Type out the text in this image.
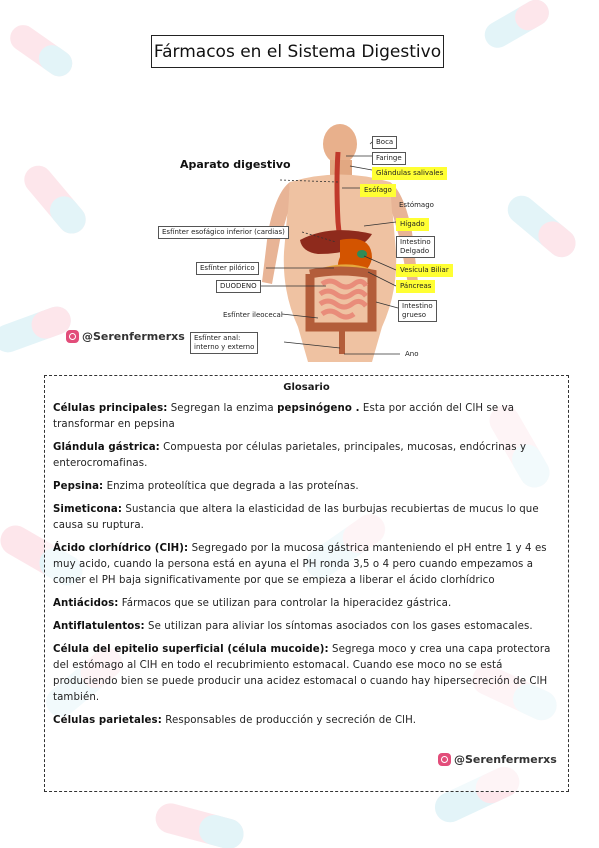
Fármacos en el Sistema Digestivo
Aparato digestivo
Boca
Faringe
Glándulas salivales
Esófago
Estómago
Hígado
Esfínter esofágico inferior (cardias)
Intestino
Delgado
Esfínter pilórico	Vesícula Biliar
DUODENO	Páncreas
Intestino
grueso
Esfínter ileocecal
Esfínter anal:
interno y externo
Ano
@Serenfermerxs
Glosario
Células principales: Segregan la enzima pepsinógeno . Esta por acción del ClH se va transformar en pepsina
Glándula gástrica: Compuesta por células parietales, principales, mucosas, endócrinas y enterocromafinas.
Pepsina: Enzima proteolítica que degrada a las proteínas.
Simeticona: Sustancia que altera la elasticidad de las burbujas recubiertas de mucus lo que causa su ruptura.
Ácido clorhídrico (ClH): Segregado por la mucosa gástrica manteniendo el pH entre 1 y 4 es muy acido, cuando la persona está en ayuna el PH ronda 3,5 o 4 pero cuando empezamos a comer el PH baja significativamente por que se empieza a liberar el ácido clorhídrico
Antiácidos: Fármacos que se utilizan para controlar la hiperacidez gástrica.
Antiflatulentos: Se utilizan para aliviar los síntomas asociados con los gases estomacales.
Célula del epitelio superficial (célula mucoide): Segrega moco y crea una capa protectora del estómago al ClH en todo el recubrimiento estomacal. Cuando ese moco no se está produciendo bien se puede producir una acidez estomacal o cuando hay hipersecreción de ClH también.
Células parietales: Responsables de producción y secreción de ClH.
@Serenfermerxs
